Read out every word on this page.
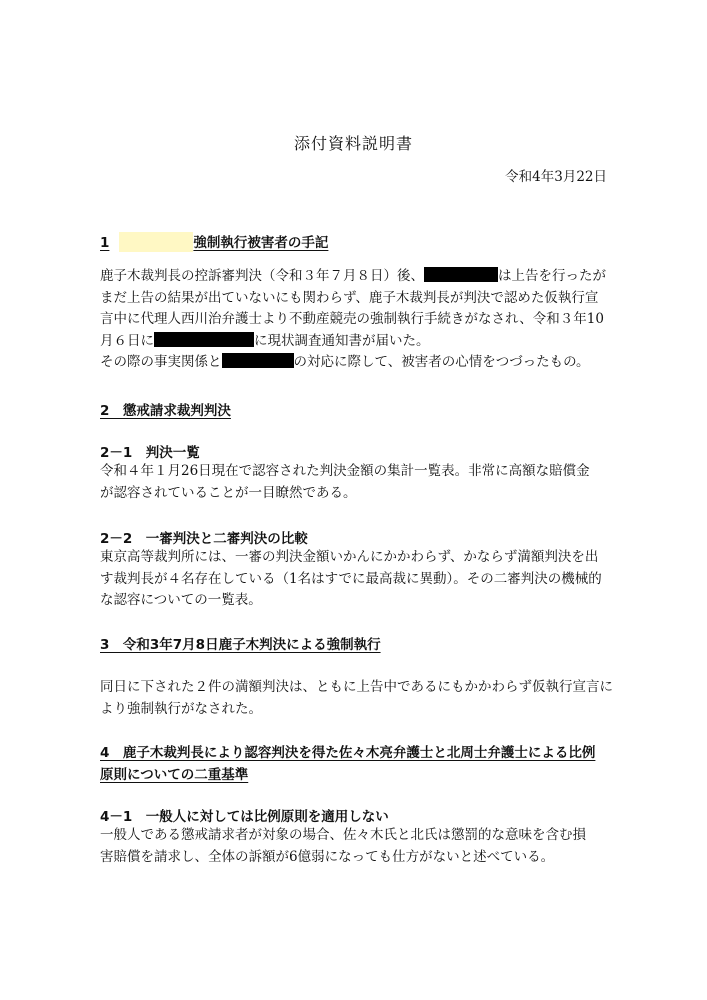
添付資料説明書
令和4年3月22日
1	強制執行被害者の手記
鹿子木裁判長の控訴審判決（令和３年７月８日）後、	は上告を行ったが
まだ上告の結果が出ていないにも関わらず、鹿子木裁判長が判決で認めた仮執行宣
言中に代理人西川治弁護士より不動産競売の強制執行手続きがなされ、令和３年10
月６日に	に現状調査通知書が届いた。
その際の事実関係と	の対応に際して、被害者の心情をつづったもの。
2　懲戒請求裁判判決
2－1　判決一覧
令和４年１月26日現在で認容された判決金額の集計一覧表。非常に高額な賠償金
が認容されていることが一目瞭然である。
2－2　一審判決と二審判決の比較
東京高等裁判所には、一審の判決金額いかんにかかわらず、かならず満額判決を出
す裁判長が４名存在している（1名はすでに最高裁に異動）。その二審判決の機械的
な認容についての一覧表。
3　令和3年7月8日鹿子木判決による強制執行
同日に下された２件の満額判決は、ともに上告中であるにもかかわらず仮執行宣言に
より強制執行がなされた。
4　鹿子木裁判長により認容判決を得た佐々木亮弁護士と北周士弁護士による比例
原則についての二重基準
4－1　一般人に対しては比例原則を適用しない
一般人である懲戒請求者が対象の場合、佐々木氏と北氏は懲罰的な意味を含む損
害賠償を請求し、全体の訴額が6億弱になっても仕方がないと述べている。
